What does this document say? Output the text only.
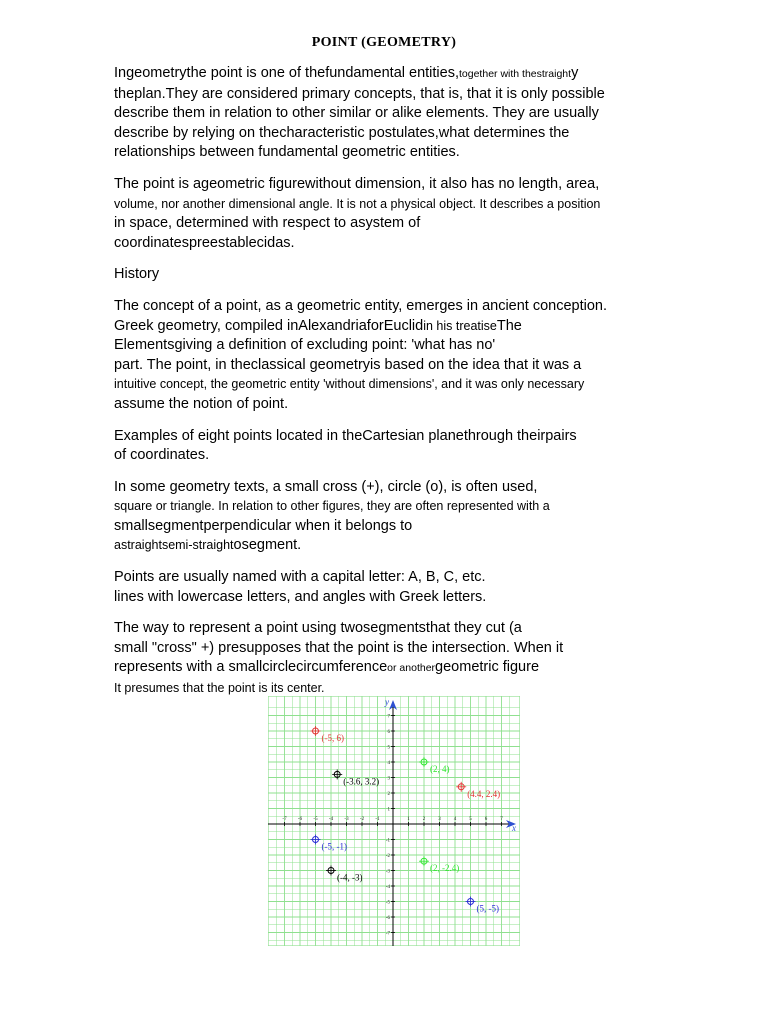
POINT (GEOMETRY)

Ingeometrythe point is one of thefundamental entities,together with thestraighty
theplan.They are considered primary concepts, that is, that it is only possible
describe them in relation to other similar or alike elements. They are usually
describe by relying on thecharacteristic postulates,what determines the
relationships between fundamental geometric entities.

The point is ageometric figurewithout dimension, it also has no length, area,
volume, nor another dimensional angle. It is not a physical object. It describes a position
in space, determined with respect to asystem of
coordinatespreestablecidas.

History

The concept of a point, as a geometric entity, emerges in ancient conception.
Greek geometry, compiled inAlexandriaforEuclidin his treatiseThe
Elementsgiving a definition of excluding point: 'what has no'
part. The point, in theclassical geometryis based on the idea that it was a
intuitive concept, the geometric entity 'without dimensions', and it was only necessary
assume the notion of point.

Examples of eight points located in theCartesian planethrough theirpairs
of coordinates.

In some geometry texts, a small cross (+), circle (o), is often used,
square or triangle. In relation to other figures, they are often represented with a
smallsegmentperpendicular when it belongs to
astraightsemi-straightosegment.

Points are usually named with a capital letter: A, B, C, etc.
lines with lowercase letters, and angles with Greek letters.

The way to represent a point using twosegmentsthat they cut (a
small "cross" +) presupposes that the point is the intersection. When it
represents with a smallcirclecircumferenceor anothergeometric figure
It presumes that the point is its center.

x
y
-7 -6 -5 -4 -3 -2 -1	1	2	3	4	5	6	7
-7
-6
-5
-4
-3
-2
-1
1
2
3
4
5
6
7
(-5, 6)
(-3.6, 3.2)
(2, 4)
(4.4, 2.4)
(-5, -1)
(-4, -3)
(2, -2.4)
(5, -5)
